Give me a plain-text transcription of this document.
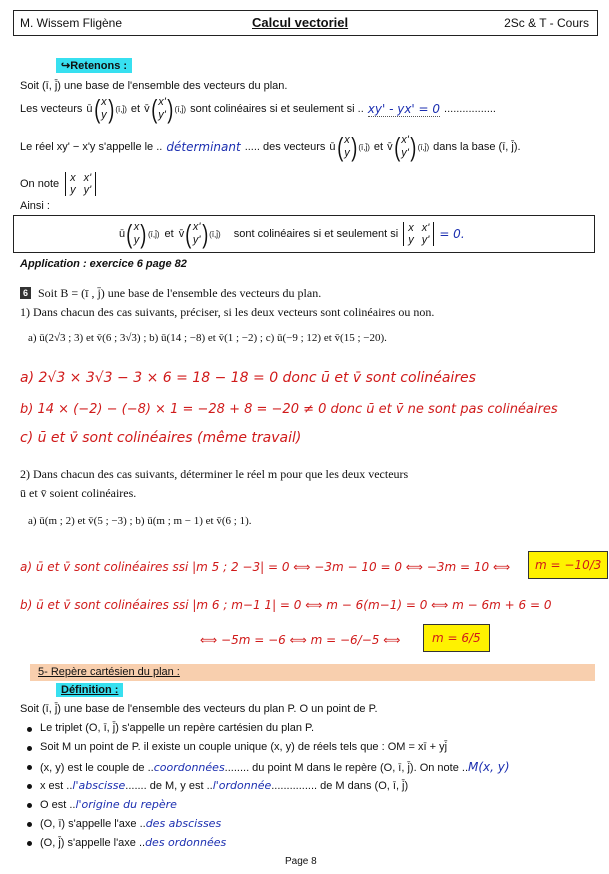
M. Wissem Fligène	Calcul vectoriel	2Sc & T - Cours
↪Retenons :
Soit (ī, j̄) une base de l'ensemble des vecteurs du plan.
Les vecteurs ū ( x
y ) (ī,j̄) et v̄ ( x'
y' ) (ī,j̄) sont colinéaires si et seulement si .. xy' - yx' = 0 .................
Le réel xy' − x'y s'appelle le .. déterminant ..... des vecteurs ū ( x
y ) (ī,j̄) et v̄ ( x'
y' ) (ī,j̄) dans la base (ī, j̄).
On note x x'
y y'
Ainsi :
ū ( x
y ) (ī,j̄) et v̄ ( x'
y' ) (ī,j̄) sont colinéaires si et seulement si x x'
y y' = 0.
Application : exercice 6 page 82
6 Soit B = (ī , j̄) une base de l'ensemble des vecteurs du plan.
1) Dans chacun des cas suivants, préciser, si les deux vecteurs sont colinéaires ou non.
a) ū(2√3 ; 3) et v̄(6 ; 3√3) ; b) ū(14 ; −8) et v̄(1 ; −2) ; c) ū(−9 ; 12) et v̄(15 ; −20).
a) 2√3 × 3√3 − 3 × 6 = 18 − 18 = 0 donc ū et v̄ sont colinéaires
b) 14 × (−2) − (−8) × 1 = −28 + 8 = −20 ≠ 0 donc ū et v̄ ne sont pas colinéaires
c) ū et v̄ sont colinéaires (même travail)
2) Dans chacun des cas suivants, déterminer le réel m pour que les deux vecteurs
ū et v̄ soient colinéaires.
a) ū(m ; 2) et v̄(5 ; −3) ; b) ū(m ; m − 1) et v̄(6 ; 1).
a) ū et v̄ sont colinéaires ssi |m 5 ; 2 −3| = 0 ⟺ −3m − 10 = 0 ⟺ −3m = 10 ⟺	m = −10/3
b) ū et v̄ sont colinéaires ssi |m 6 ; m−1 1| = 0 ⟺ m − 6(m−1) = 0 ⟺ m − 6m + 6 = 0
⟺ −5m = −6 ⟺ m = −6/−5 ⟺	m = 6/5
5- Repère cartésien du plan :
Définition :
Soit (ī, j̄) une base de l'ensemble des vecteurs du plan P. O un point de P.
Le triplet (O, ī, j̄) s'appelle un repère cartésien du plan P.
Soit M un point de P. il existe un couple unique (x, y) de réels tels que : OM = xī + yj̄
(x, y) est le couple de ..coordonnées........ du point M dans le repère (O, ī, j̄). On note ..M(x, y)
x est ..l'abscisse....... de M, y est ..l'ordonnée............... de M dans (O, ī, j̄)
O est ..l'origine du repère
(O, ī) s'appelle l'axe ..des abscisses
(O, j̄) s'appelle l'axe ..des ordonnées
Page 8
